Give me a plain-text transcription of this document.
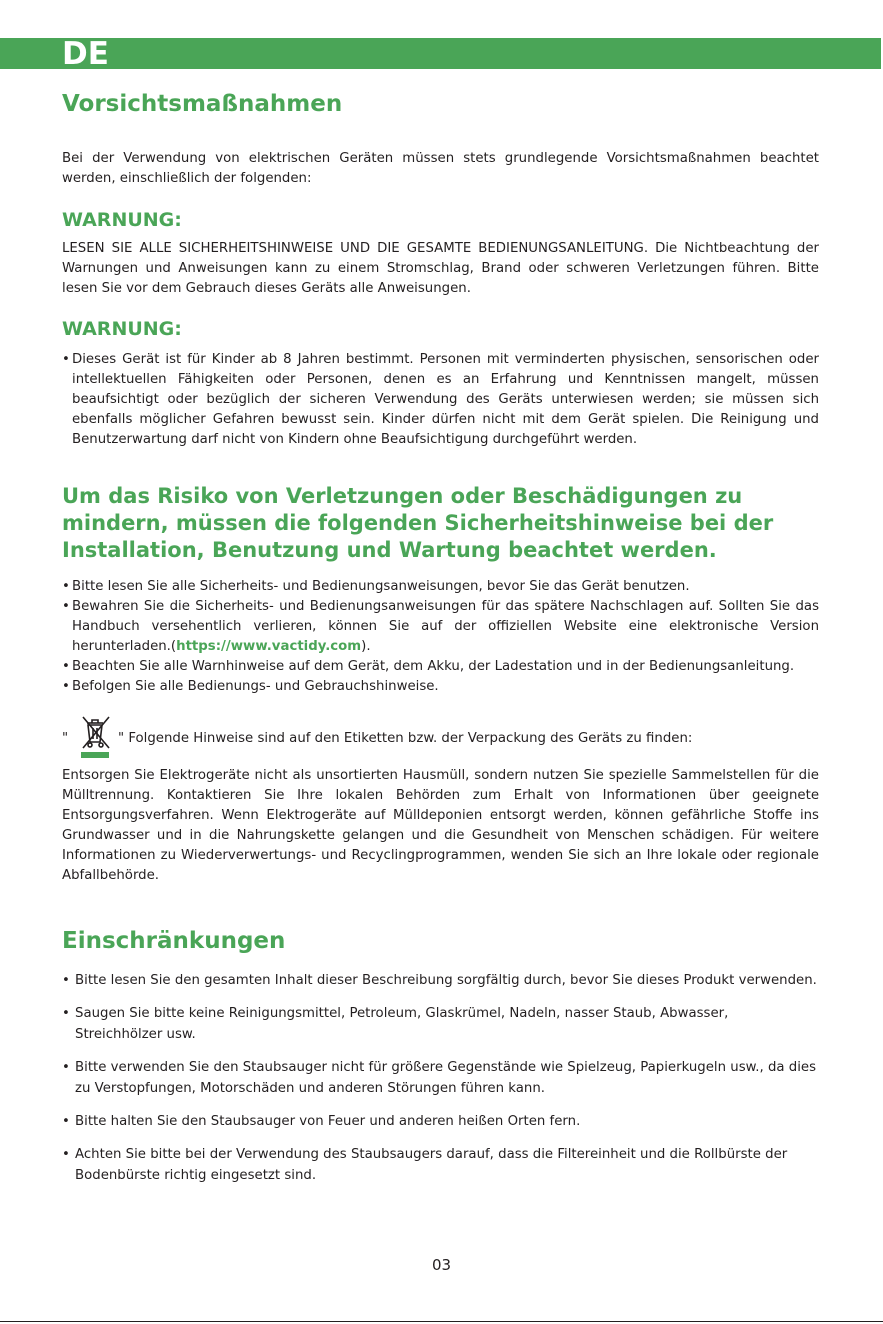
DE
Vorsichtsmaßnahmen

Bei der Verwendung von elektrischen Geräten müssen stets grundlegende Vorsichtsmaßnahmen beachtet werden, einschließlich der folgenden:

WARNUNG:

LESEN SIE ALLE SICHERHEITSHINWEISE UND DIE GESAMTE BEDIENUNGSANLEITUNG. Die Nichtbeachtung der Warnungen und Anweisungen kann zu einem Stromschlag, Brand oder schweren Verletzungen führen. Bitte lesen Sie vor dem Gebrauch dieses Geräts alle Anweisungen.

WARNUNG:
• Dieses Gerät ist für Kinder ab 8 Jahren bestimmt. Personen mit verminderten physischen, sensorischen oder intellektuellen Fähigkeiten oder Personen, denen es an Erfahrung und Kenntnissen mangelt, müssen beaufsichtigt oder bezüglich der sicheren Verwendung des Geräts unterwiesen werden; sie müssen sich ebenfalls möglicher Gefahren bewusst sein. Kinder dürfen nicht mit dem Gerät spielen. Die Reinigung und Benutzerwartung darf nicht von Kindern ohne Beaufsichtigung durchgeführt werden.
Um das Risiko von Verletzungen oder Beschädigungen zu mindern, müssen die folgenden Sicherheitshinweise bei der Installation, Benutzung und Wartung beachtet werden.
• Bitte lesen Sie alle Sicherheits- und Bedienungsanweisungen, bevor Sie das Gerät benutzen.
• Bewahren Sie die Sicherheits- und Bedienungsanweisungen für das spätere Nachschlagen auf. Sollten Sie das Handbuch versehentlich verlieren, können Sie auf der offiziellen Website eine elektronische Version herunterladen.(https://www.vactidy.com).
• Beachten Sie alle Warnhinweise auf dem Gerät, dem Akku, der Ladestation und in der Bedienungsanleitung.
• Befolgen Sie alle Bedienungs- und Gebrauchshinweise.
"	" Folgende Hinweise sind auf den Etiketten bzw. der Verpackung des Geräts zu finden:

Entsorgen Sie Elektrogeräte nicht als unsortierten Hausmüll, sondern nutzen Sie spezielle Sammelstellen für die Mülltrennung. Kontaktieren Sie Ihre lokalen Behörden zum Erhalt von Informationen über geeignete Entsorgungsverfahren. Wenn Elektrogeräte auf Mülldeponien entsorgt werden, können gefährliche Stoffe ins Grundwasser und in die Nahrungskette gelangen und die Gesundheit von Menschen schädigen. Für weitere Informationen zu Wiederverwertungs- und Recyclingprogrammen, wenden Sie sich an Ihre lokale oder regionale Abfallbehörde.

Einschränkungen
• Bitte lesen Sie den gesamten Inhalt dieser Beschreibung sorgfältig durch, bevor Sie dieses Produkt verwenden.
• Saugen Sie bitte keine Reinigungsmittel, Petroleum, Glaskrümel, Nadeln, nasser Staub, Abwasser, Streichhölzer usw.
• Bitte verwenden Sie den Staubsauger nicht für größere Gegenstände wie Spielzeug, Papierkugeln usw., da dies zu Verstopfungen, Motorschäden und anderen Störungen führen kann.
• Bitte halten Sie den Staubsauger von Feuer und anderen heißen Orten fern.
• Achten Sie bitte bei der Verwendung des Staubsaugers darauf, dass die Filtereinheit und die Rollbürste der Bodenbürste richtig eingesetzt sind.
03
